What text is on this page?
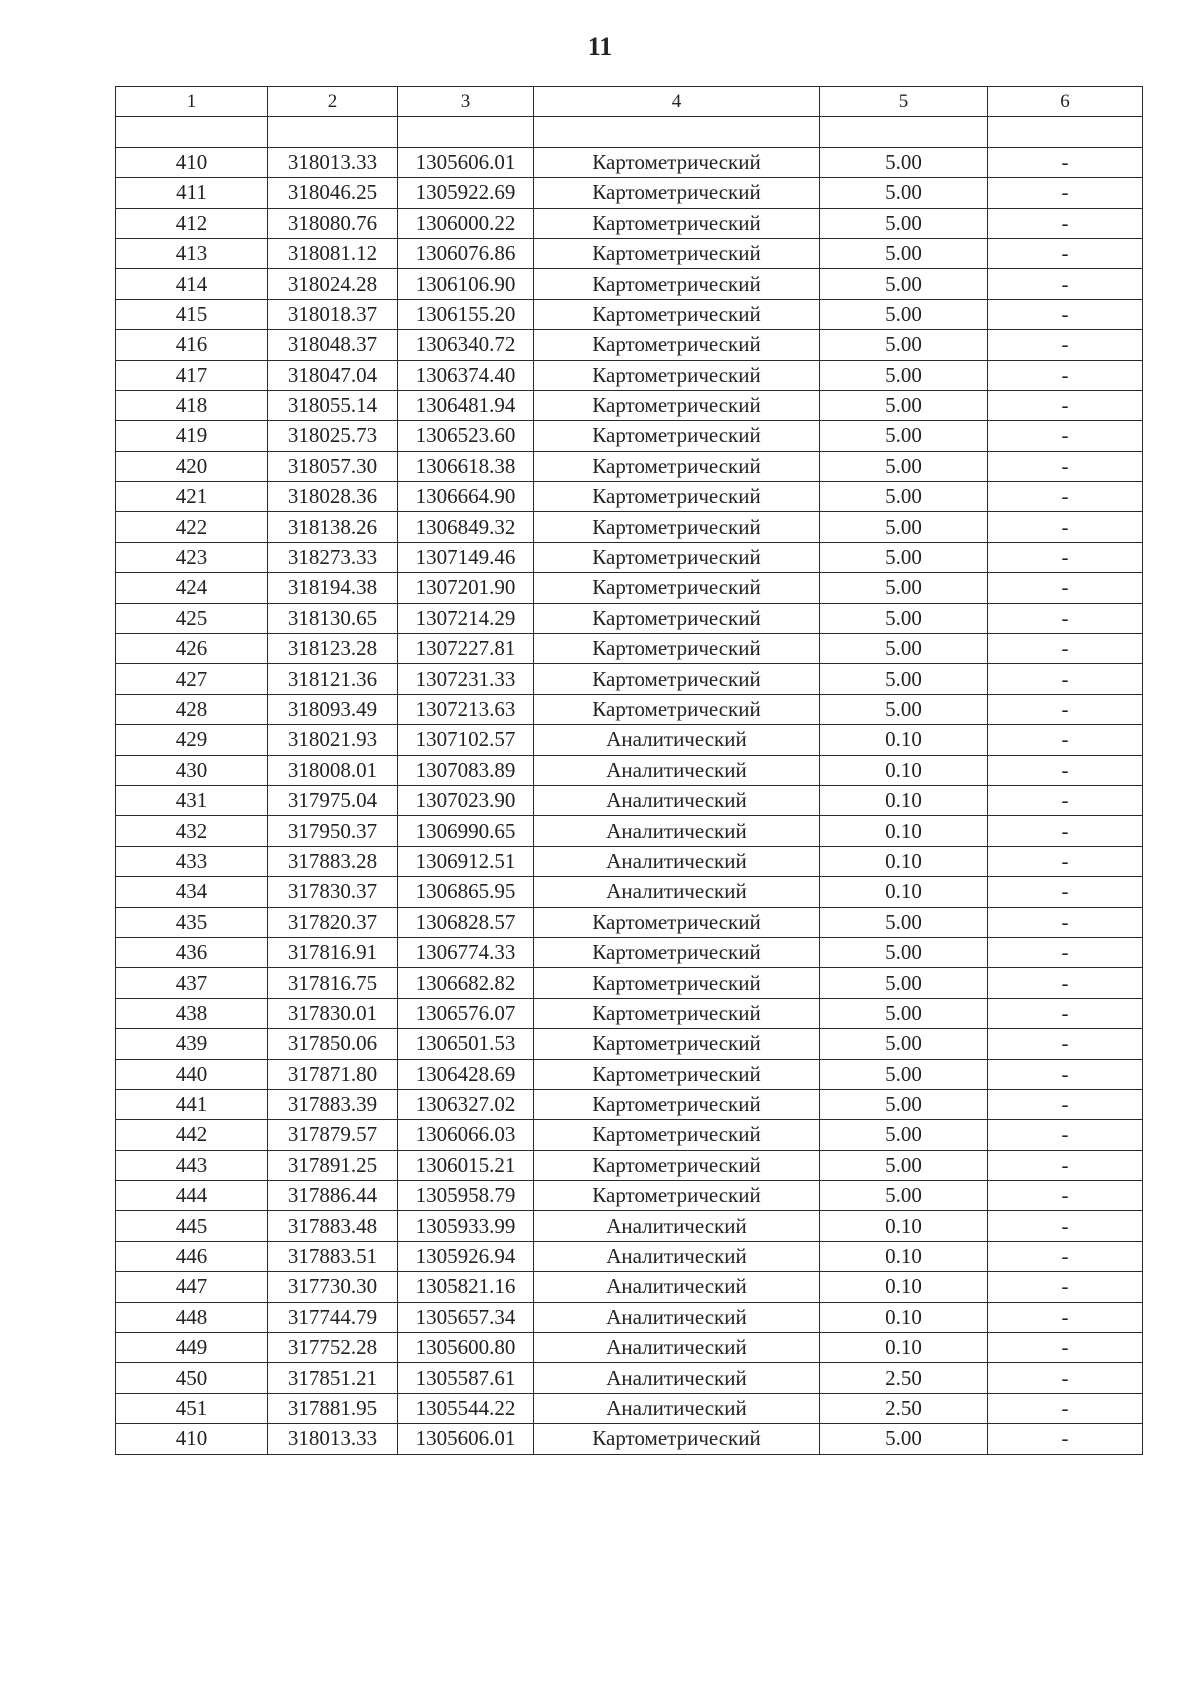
11
1	2	3	4	5	6

410	318013.33	1305606.01	Картометрический	5.00	-
411	318046.25	1305922.69	Картометрический	5.00	-
412	318080.76	1306000.22	Картометрический	5.00	-
413	318081.12	1306076.86	Картометрический	5.00	-
414	318024.28	1306106.90	Картометрический	5.00	-
415	318018.37	1306155.20	Картометрический	5.00	-
416	318048.37	1306340.72	Картометрический	5.00	-
417	318047.04	1306374.40	Картометрический	5.00	-
418	318055.14	1306481.94	Картометрический	5.00	-
419	318025.73	1306523.60	Картометрический	5.00	-
420	318057.30	1306618.38	Картометрический	5.00	-
421	318028.36	1306664.90	Картометрический	5.00	-
422	318138.26	1306849.32	Картометрический	5.00	-
423	318273.33	1307149.46	Картометрический	5.00	-
424	318194.38	1307201.90	Картометрический	5.00	-
425	318130.65	1307214.29	Картометрический	5.00	-
426	318123.28	1307227.81	Картометрический	5.00	-
427	318121.36	1307231.33	Картометрический	5.00	-
428	318093.49	1307213.63	Картометрический	5.00	-
429	318021.93	1307102.57	Аналитический	0.10	-
430	318008.01	1307083.89	Аналитический	0.10	-
431	317975.04	1307023.90	Аналитический	0.10	-
432	317950.37	1306990.65	Аналитический	0.10	-
433	317883.28	1306912.51	Аналитический	0.10	-
434	317830.37	1306865.95	Аналитический	0.10	-
435	317820.37	1306828.57	Картометрический	5.00	-
436	317816.91	1306774.33	Картометрический	5.00	-
437	317816.75	1306682.82	Картометрический	5.00	-
438	317830.01	1306576.07	Картометрический	5.00	-
439	317850.06	1306501.53	Картометрический	5.00	-
440	317871.80	1306428.69	Картометрический	5.00	-
441	317883.39	1306327.02	Картометрический	5.00	-
442	317879.57	1306066.03	Картометрический	5.00	-
443	317891.25	1306015.21	Картометрический	5.00	-
444	317886.44	1305958.79	Картометрический	5.00	-
445	317883.48	1305933.99	Аналитический	0.10	-
446	317883.51	1305926.94	Аналитический	0.10	-
447	317730.30	1305821.16	Аналитический	0.10	-
448	317744.79	1305657.34	Аналитический	0.10	-
449	317752.28	1305600.80	Аналитический	0.10	-
450	317851.21	1305587.61	Аналитический	2.50	-
451	317881.95	1305544.22	Аналитический	2.50	-
410	318013.33	1305606.01	Картометрический	5.00	-
